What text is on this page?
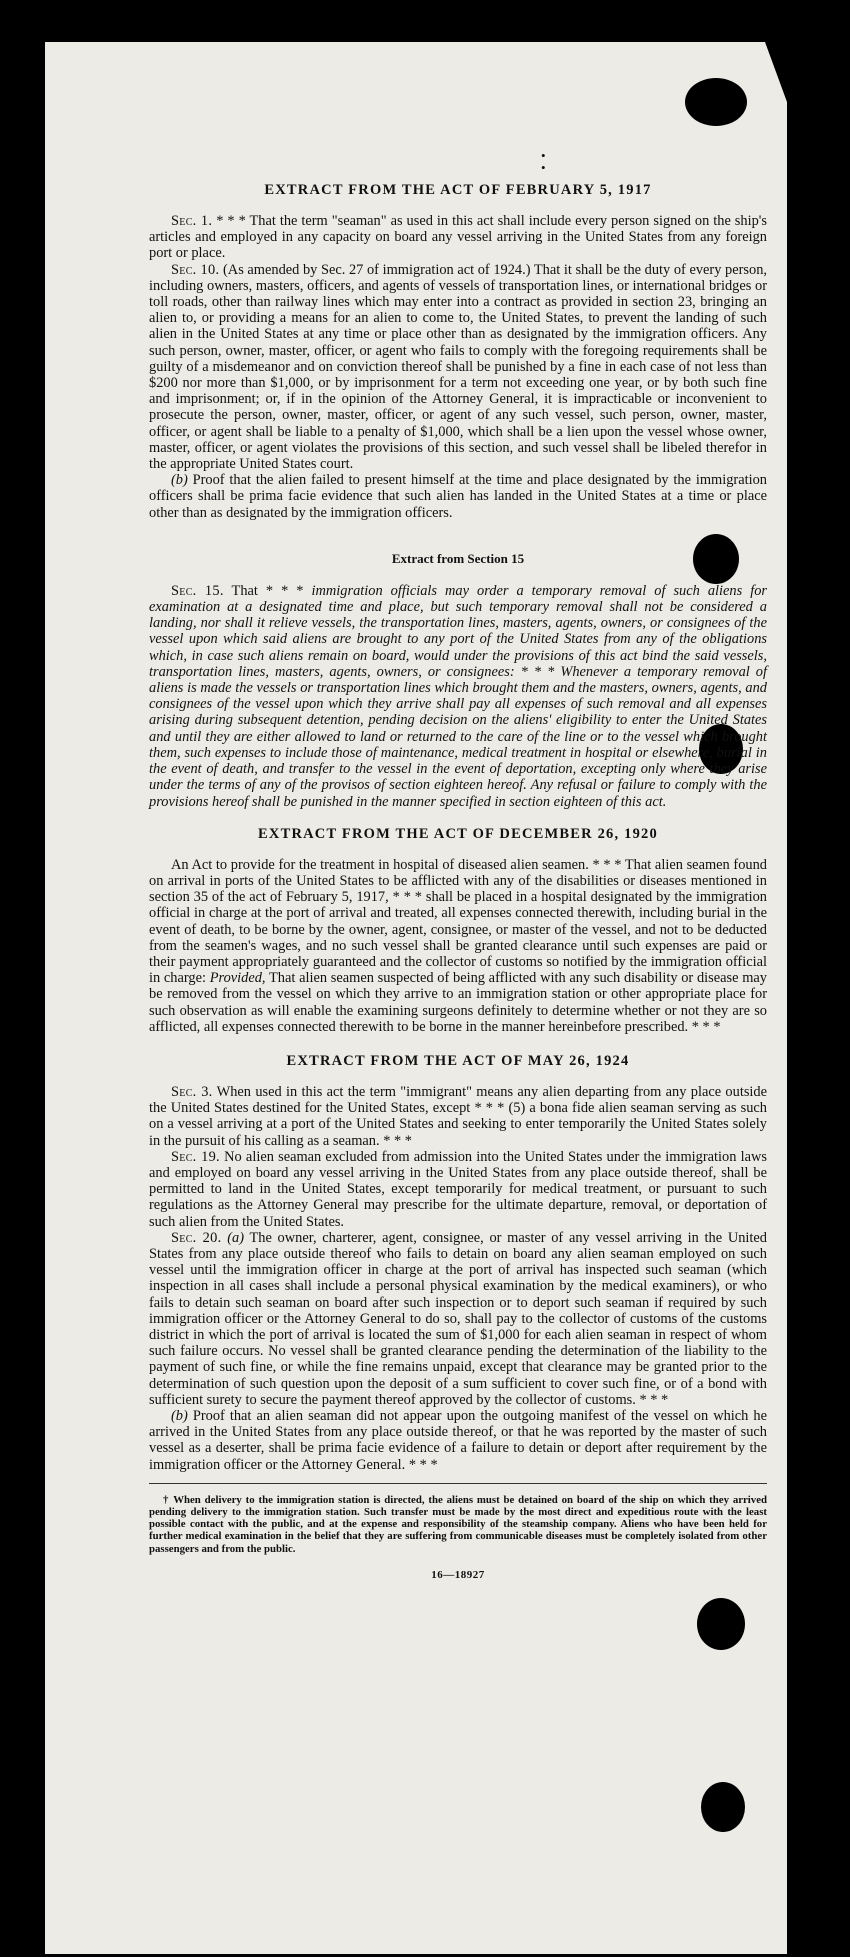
•
•
EXTRACT FROM THE ACT OF FEBRUARY 5, 1917

Sec. 1. * * * That the term "seaman" as used in this act shall include every person signed on the ship's articles and employed in any capacity on board any vessel arriving in the United States from any foreign port or place.

Sec. 10. (As amended by Sec. 27 of immigration act of 1924.) That it shall be the duty of every person, including owners, masters, officers, and agents of vessels of transportation lines, or international bridges or toll roads, other than railway lines which may enter into a contract as provided in section 23, bringing an alien to, or providing a means for an alien to come to, the United States, to prevent the landing of such alien in the United States at any time or place other than as designated by the immigration officers. Any such person, owner, master, officer, or agent who fails to comply with the foregoing requirements shall be guilty of a misdemeanor and on conviction thereof shall be punished by a fine in each case of not less than $200 nor more than $1,000, or by imprisonment for a term not exceeding one year, or by both such fine and imprisonment; or, if in the opinion of the Attorney General, it is impracticable or inconvenient to prosecute the person, owner, master, officer, or agent of any such vessel, such person, owner, master, officer, or agent shall be liable to a penalty of $1,000, which shall be a lien upon the vessel whose owner, master, officer, or agent violates the provisions of this section, and such vessel shall be libeled therefor in the appropriate United States court.

(b) Proof that the alien failed to present himself at the time and place designated by the immigration officers shall be prima facie evidence that such alien has landed in the United States at a time or place other than as designated by the immigration officers.

Extract from Section 15

Sec. 15. That * * * immigration officials may order a temporary removal of such aliens for examination at a designated time and place, but such temporary removal shall not be considered a landing, nor shall it relieve vessels, the transportation lines, masters, agents, owners, or consignees of the vessel upon which said aliens are brought to any port of the United States from any of the obligations which, in case such aliens remain on board, would under the provisions of this act bind the said vessels, transportation lines, masters, agents, owners, or consignees: * * * Whenever a temporary removal of aliens is made the vessels or transportation lines which brought them and the masters, owners, agents, and consignees of the vessel upon which they arrive shall pay all expenses of such removal and all expenses arising during subsequent detention, pending decision on the aliens' eligibility to enter the United States and until they are either allowed to land or returned to the care of the line or to the vessel which brought them, such expenses to include those of maintenance, medical treatment in hospital or elsewhere, burial in the event of death, and transfer to the vessel in the event of deportation, excepting only where they arise under the terms of any of the provisos of section eighteen hereof. Any refusal or failure to comply with the provisions hereof shall be punished in the manner specified in section eighteen of this act.

EXTRACT FROM THE ACT OF DECEMBER 26, 1920

An Act to provide for the treatment in hospital of diseased alien seamen. * * * That alien seamen found on arrival in ports of the United States to be afflicted with any of the disabilities or diseases mentioned in section 35 of the act of February 5, 1917, * * * shall be placed in a hospital designated by the immigration official in charge at the port of arrival and treated, all expenses connected therewith, including burial in the event of death, to be borne by the owner, agent, consignee, or master of the vessel, and not to be deducted from the seamen's wages, and no such vessel shall be granted clearance until such expenses are paid or their payment appropriately guaranteed and the collector of customs so notified by the immigration official in charge: Provided, That alien seamen suspected of being afflicted with any such disability or disease may be removed from the vessel on which they arrive to an immigration station or other appropriate place for such observation as will enable the examining surgeons definitely to determine whether or not they are so afflicted, all expenses connected therewith to be borne in the manner hereinbefore prescribed. * * *

EXTRACT FROM THE ACT OF MAY 26, 1924

Sec. 3. When used in this act the term "immigrant" means any alien departing from any place outside the United States destined for the United States, except * * * (5) a bona fide alien seaman serving as such on a vessel arriving at a port of the United States and seeking to enter temporarily the United States solely in the pursuit of his calling as a seaman. * * *

Sec. 19. No alien seaman excluded from admission into the United States under the immigration laws and employed on board any vessel arriving in the United States from any place outside thereof, shall be permitted to land in the United States, except temporarily for medical treatment, or pursuant to such regulations as the Attorney General may prescribe for the ultimate departure, removal, or deportation of such alien from the United States.

Sec. 20. (a) The owner, charterer, agent, consignee, or master of any vessel arriving in the United States from any place outside thereof who fails to detain on board any alien seaman employed on such vessel until the immigration officer in charge at the port of arrival has inspected such seaman (which inspection in all cases shall include a personal physical examination by the medical examiners), or who fails to detain such seaman on board after such inspection or to deport such seaman if required by such immigration officer or the Attorney General to do so, shall pay to the collector of customs of the customs district in which the port of arrival is located the sum of $1,000 for each alien seaman in respect of whom such failure occurs. No vessel shall be granted clearance pending the determination of the liability to the payment of such fine, or while the fine remains unpaid, except that clearance may be granted prior to the determination of such question upon the deposit of a sum sufficient to cover such fine, or of a bond with sufficient surety to secure the payment thereof approved by the collector of customs. * * *

(b) Proof that an alien seaman did not appear upon the outgoing manifest of the vessel on which he arrived in the United States from any place outside thereof, or that he was reported by the master of such vessel as a deserter, shall be prima facie evidence of a failure to detain or deport after requirement by the immigration officer or the Attorney General. * * *

† When delivery to the immigration station is directed, the aliens must be detained on board of the ship on which they arrived pending delivery to the immigration station. Such transfer must be made by the most direct and expeditious route with the least possible contact with the public, and at the expense and responsibility of the steamship company. Aliens who have been held for further medical examination in the belief that they are suffering from communicable diseases must be completely isolated from other passengers and from the public.

16—18927
